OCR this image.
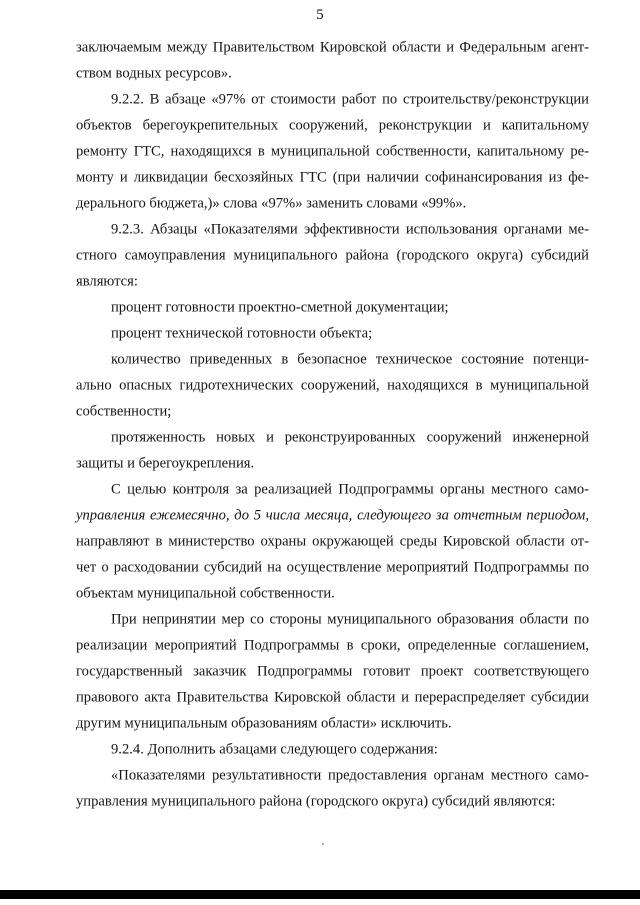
5
заключаемым между Правительством Кировской области и Федеральным агент-
ством водных ресурсов».
9.2.2. В абзаце «97% от стоимости работ по строительству/реконструкции
объектов берегоукрепительных сооружений, реконструкции и капитальному
ремонту ГТС, находящихся в муниципальной собственности, капитальному ре-
монту и ликвидации бесхозяйных ГТС (при наличии софинансирования из фе-
дерального бюджета,)» слова «97%» заменить словами «99%».
9.2.3. Абзацы «Показателями эффективности использования органами ме-
стного самоуправления муниципального района (городского округа) субсидий
являются:
процент готовности проектно-сметной документации;
процент технической готовности объекта;
количество приведенных в безопасное техническое состояние потенци-
ально опасных гидротехнических сооружений, находящихся в муниципальной
собственности;
протяженность новых и реконструированных сооружений инженерной
защиты и берегоукрепления.
С целью контроля за реализацией Подпрограммы органы местного само-
управления ежемесячно, до 5 числа месяца, следующего за отчетным периодом,
направляют в министерство охраны окружающей среды Кировской области от-
чет о расходовании субсидий на осуществление мероприятий Подпрограммы по
объектам муниципальной собственности.
При непринятии мер со стороны муниципального образования области по
реализации мероприятий Подпрограммы в сроки, определенные соглашением,
государственный заказчик Подпрограммы готовит проект соответствующего
правового акта Правительства Кировской области и перераспределяет субсидии
другим муниципальным образованиям области» исключить.
9.2.4. Дополнить абзацами следующего содержания:
«Показателями результативности предоставления органам местного само-
управления муниципального района (городского округа) субсидий являются:
